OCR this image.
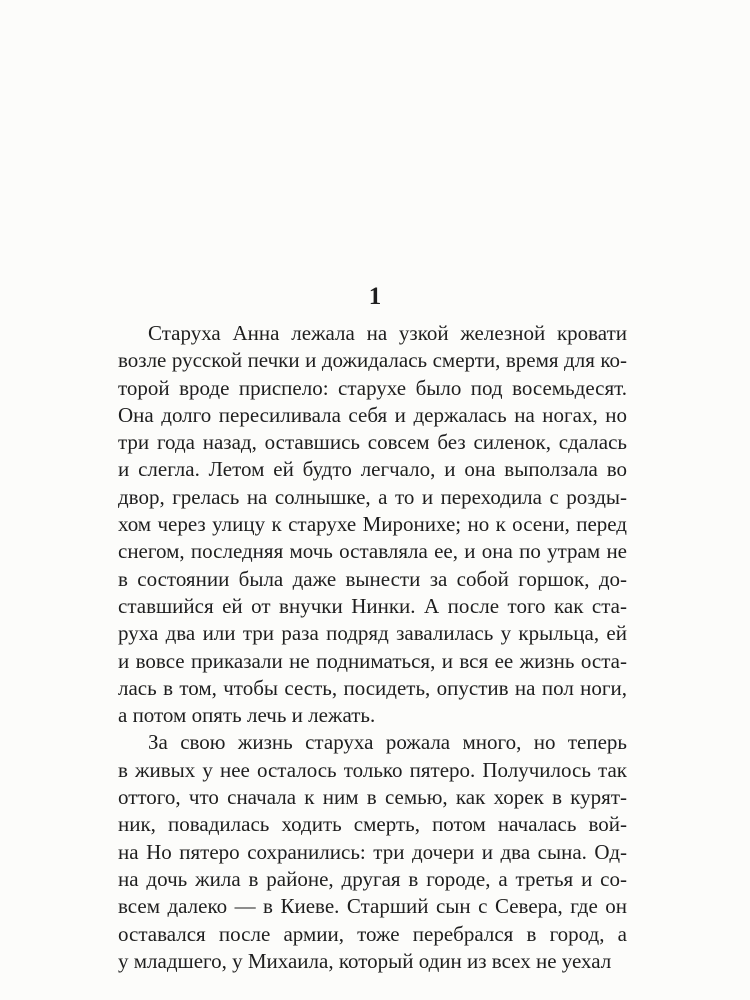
1

Старуха Анна лежала на узкой железной кровати
возле русской печки и дожидалась смерти, время для ко-
торой вроде приспело: старухе было под восемьдесят.
Она долго пересиливала себя и держалась на ногах, но
три года назад, оставшись совсем без силенок, сдалась
и слегла. Летом ей будто легчало, и она выползала во
двор, грелась на солнышке, а то и переходила с розды-
хом через улицу к старухе Миронихе; но к осени, перед
снегом, последняя мочь оставляла ее, и она по утрам не
в состоянии была даже вынести за собой горшок, до-
ставшийся ей от внучки Нинки. А после того как ста-
руха два или три раза подряд завалилась у крыльца, ей
и вовсе приказали не подниматься, и вся ее жизнь оста-
лась в том, чтобы сесть, посидеть, опустив на пол ноги,
а потом опять лечь и лежать.

За свою жизнь старуха рожала много, но теперь
в живых у нее осталось только пятеро. Получилось так
оттого, что сначала к ним в семью, как хорек в курят-
ник, повадилась ходить смерть, потом началась вой-
на Но пятеро сохранились: три дочери и два сына. Од-
на дочь жила в районе, другая в городе, а третья и со-
всем далеко — в Киеве. Старший сын с Севера, где он
оставался после армии, тоже перебрался в город, а
у младшего, у Михаила, который один из всех не уехал
